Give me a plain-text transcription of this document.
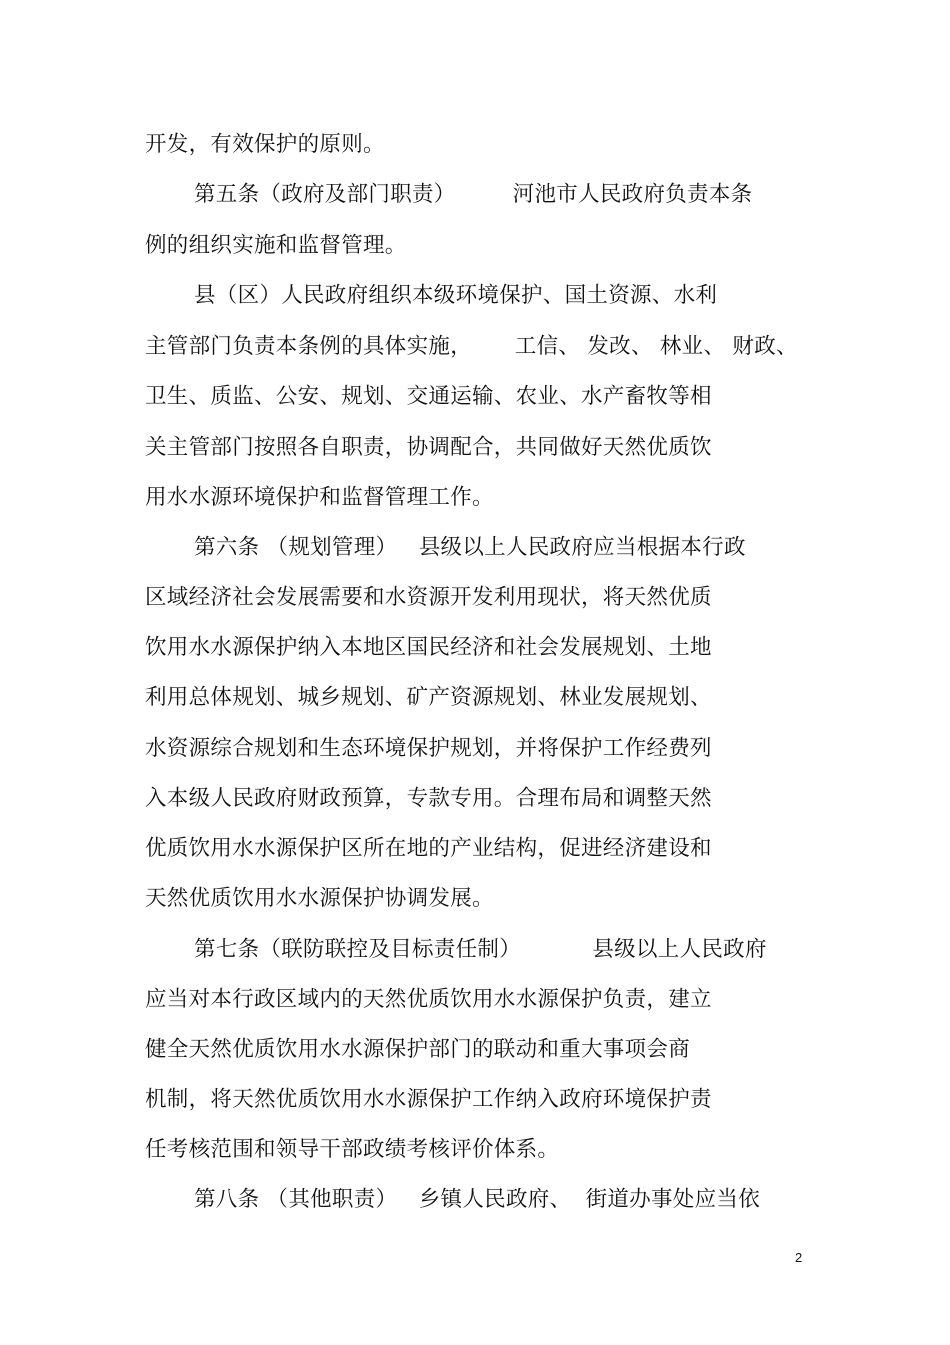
开发，有效保护的原则。
第五条（政府及部门职责）        河池市人民政府负责本条
例的组织实施和监督管理。
县（区）人民政府组织本级环境保护、国土资源、水利
主管部门负责本条例的具体实施，      工信、 发改、 林业、 财政、
卫生、质监、公安、规划、交通运输、农业、水产畜牧等相
关主管部门按照各自职责，协调配合，共同做好天然优质饮
用水水源环境保护和监督管理工作。
第六条 （规划管理）   县级以上人民政府应当根据本行政
区域经济社会发展需要和水资源开发利用现状，将天然优质
饮用水水源保护纳入本地区国民经济和社会发展规划、土地
利用总体规划、城乡规划、矿产资源规划、林业发展规划、
水资源综合规划和生态环境保护规划，并将保护工作经费列
入本级人民政府财政预算，专款专用。合理布局和调整天然
优质饮用水水源保护区所在地的产业结构，促进经济建设和
天然优质饮用水水源保护协调发展。
第七条（联防联控及目标责任制）          县级以上人民政府
应当对本行政区域内的天然优质饮用水水源保护负责，建立
健全天然优质饮用水水源保护部门的联动和重大事项会商
机制，将天然优质饮用水水源保护工作纳入政府环境保护责
任考核范围和领导干部政绩考核评价体系。
第八条 （其他职责）   乡镇人民政府、  街道办事处应当依
2
